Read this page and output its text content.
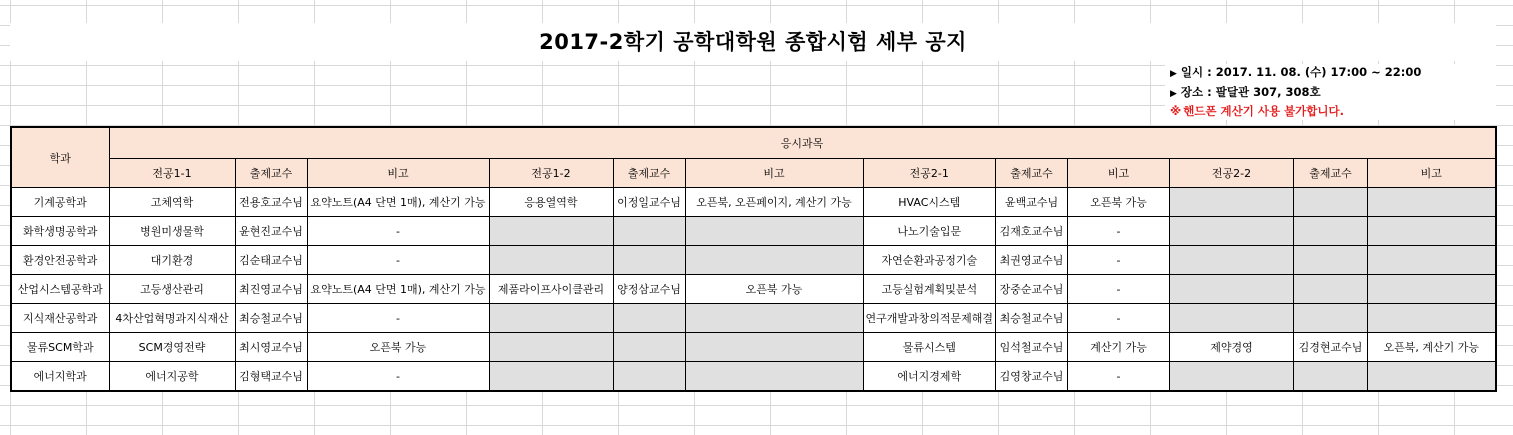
2017-2학기 공학대학원 종합시험 세부 공지
▶ 일시 : 2017. 11. 08. (수) 17:00 ~ 22:00
▶ 장소 : 팔달관 307, 308호
※ 핸드폰 계산기 사용 불가합니다.
학과	응시과목											
	전공1-1	출제교수	비고	전공1-2	출제교수	비고	전공2-1	출제교수	비고	전공2-2	출제교수	비고
기계공학과	고체역학	전용호교수님	요약노트(A4 단면 1매), 계산기 가능	응용열역학	이정일교수님	오픈북, 오픈페이지, 계산기 가능	HVAC시스템	윤백교수님	오픈북 가능			
화학생명공학과	병원미생물학	윤현진교수님	-				나노기술입문	김재호교수님	-			
환경안전공학과	대기환경	김순태교수님	-				자연순환과공정기술	최권영교수님	-			
산업시스템공학과	고등생산관리	최진영교수님	요약노트(A4 단면 1매), 계산기 가능	제품라이프사이클관리	양정삼교수님	오픈북 가능	고등실험계획및분석	장중순교수님	-			
지식재산공학과	4차산업혁명과지식재산	최승철교수님	-				연구개발과창의적문제해결	최승철교수님	-			
물류SCM학과	SCM경영전략	최시영교수님	오픈북 가능				물류시스템	임석철교수님	계산기 가능	제약경영	김경현교수님	오픈북, 계산기 가능
에너지학과	에너지공학	김형택교수님	-				에너지경제학	김영창교수님	-			
